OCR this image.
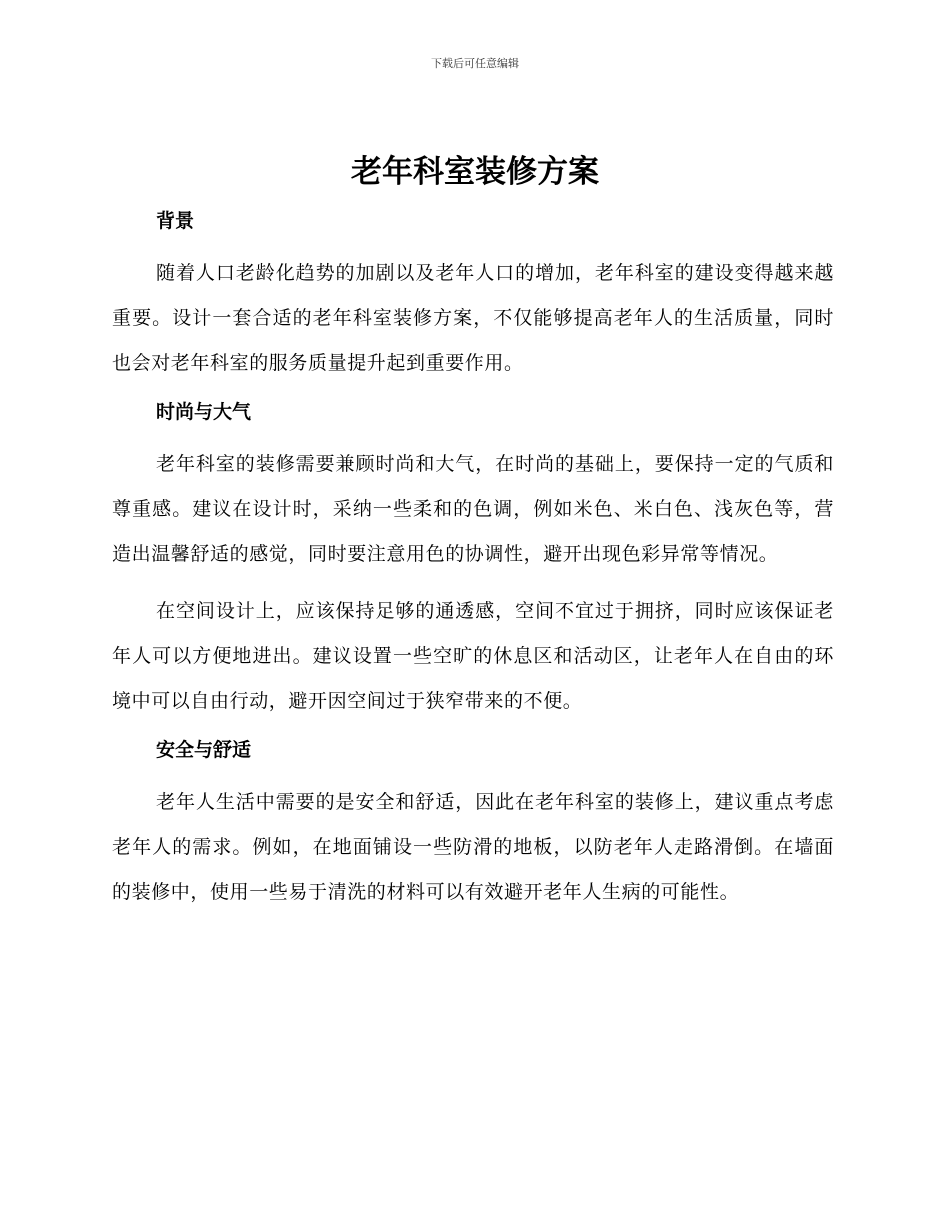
下载后可任意编辑
老年科室装修方案
背景

随着人口老龄化趋势的加剧以及老年人口的增加，老年科室的建设变得越来越重要。设计一套合适的老年科室装修方案，不仅能够提高老年人的生活质量，同时也会对老年科室的服务质量提升起到重要作用。

时尚与大气

老年科室的装修需要兼顾时尚和大气，在时尚的基础上，要保持一定的气质和尊重感。建议在设计时，采纳一些柔和的色调，例如米色、米白色、浅灰色等，营造出温馨舒适的感觉，同时要注意用色的协调性，避开出现色彩异常等情况。

在空间设计上，应该保持足够的通透感，空间不宜过于拥挤，同时应该保证老年人可以方便地进出。建议设置一些空旷的休息区和活动区，让老年人在自由的环境中可以自由行动，避开因空间过于狭窄带来的不便。

安全与舒适

老年人生活中需要的是安全和舒适，因此在老年科室的装修上，建议重点考虑老年人的需求。例如，在地面铺设一些防滑的地板，以防老年人走路滑倒。在墙面的装修中，使用一些易于清洗的材料可以有效避开老年人生病的可能性。
